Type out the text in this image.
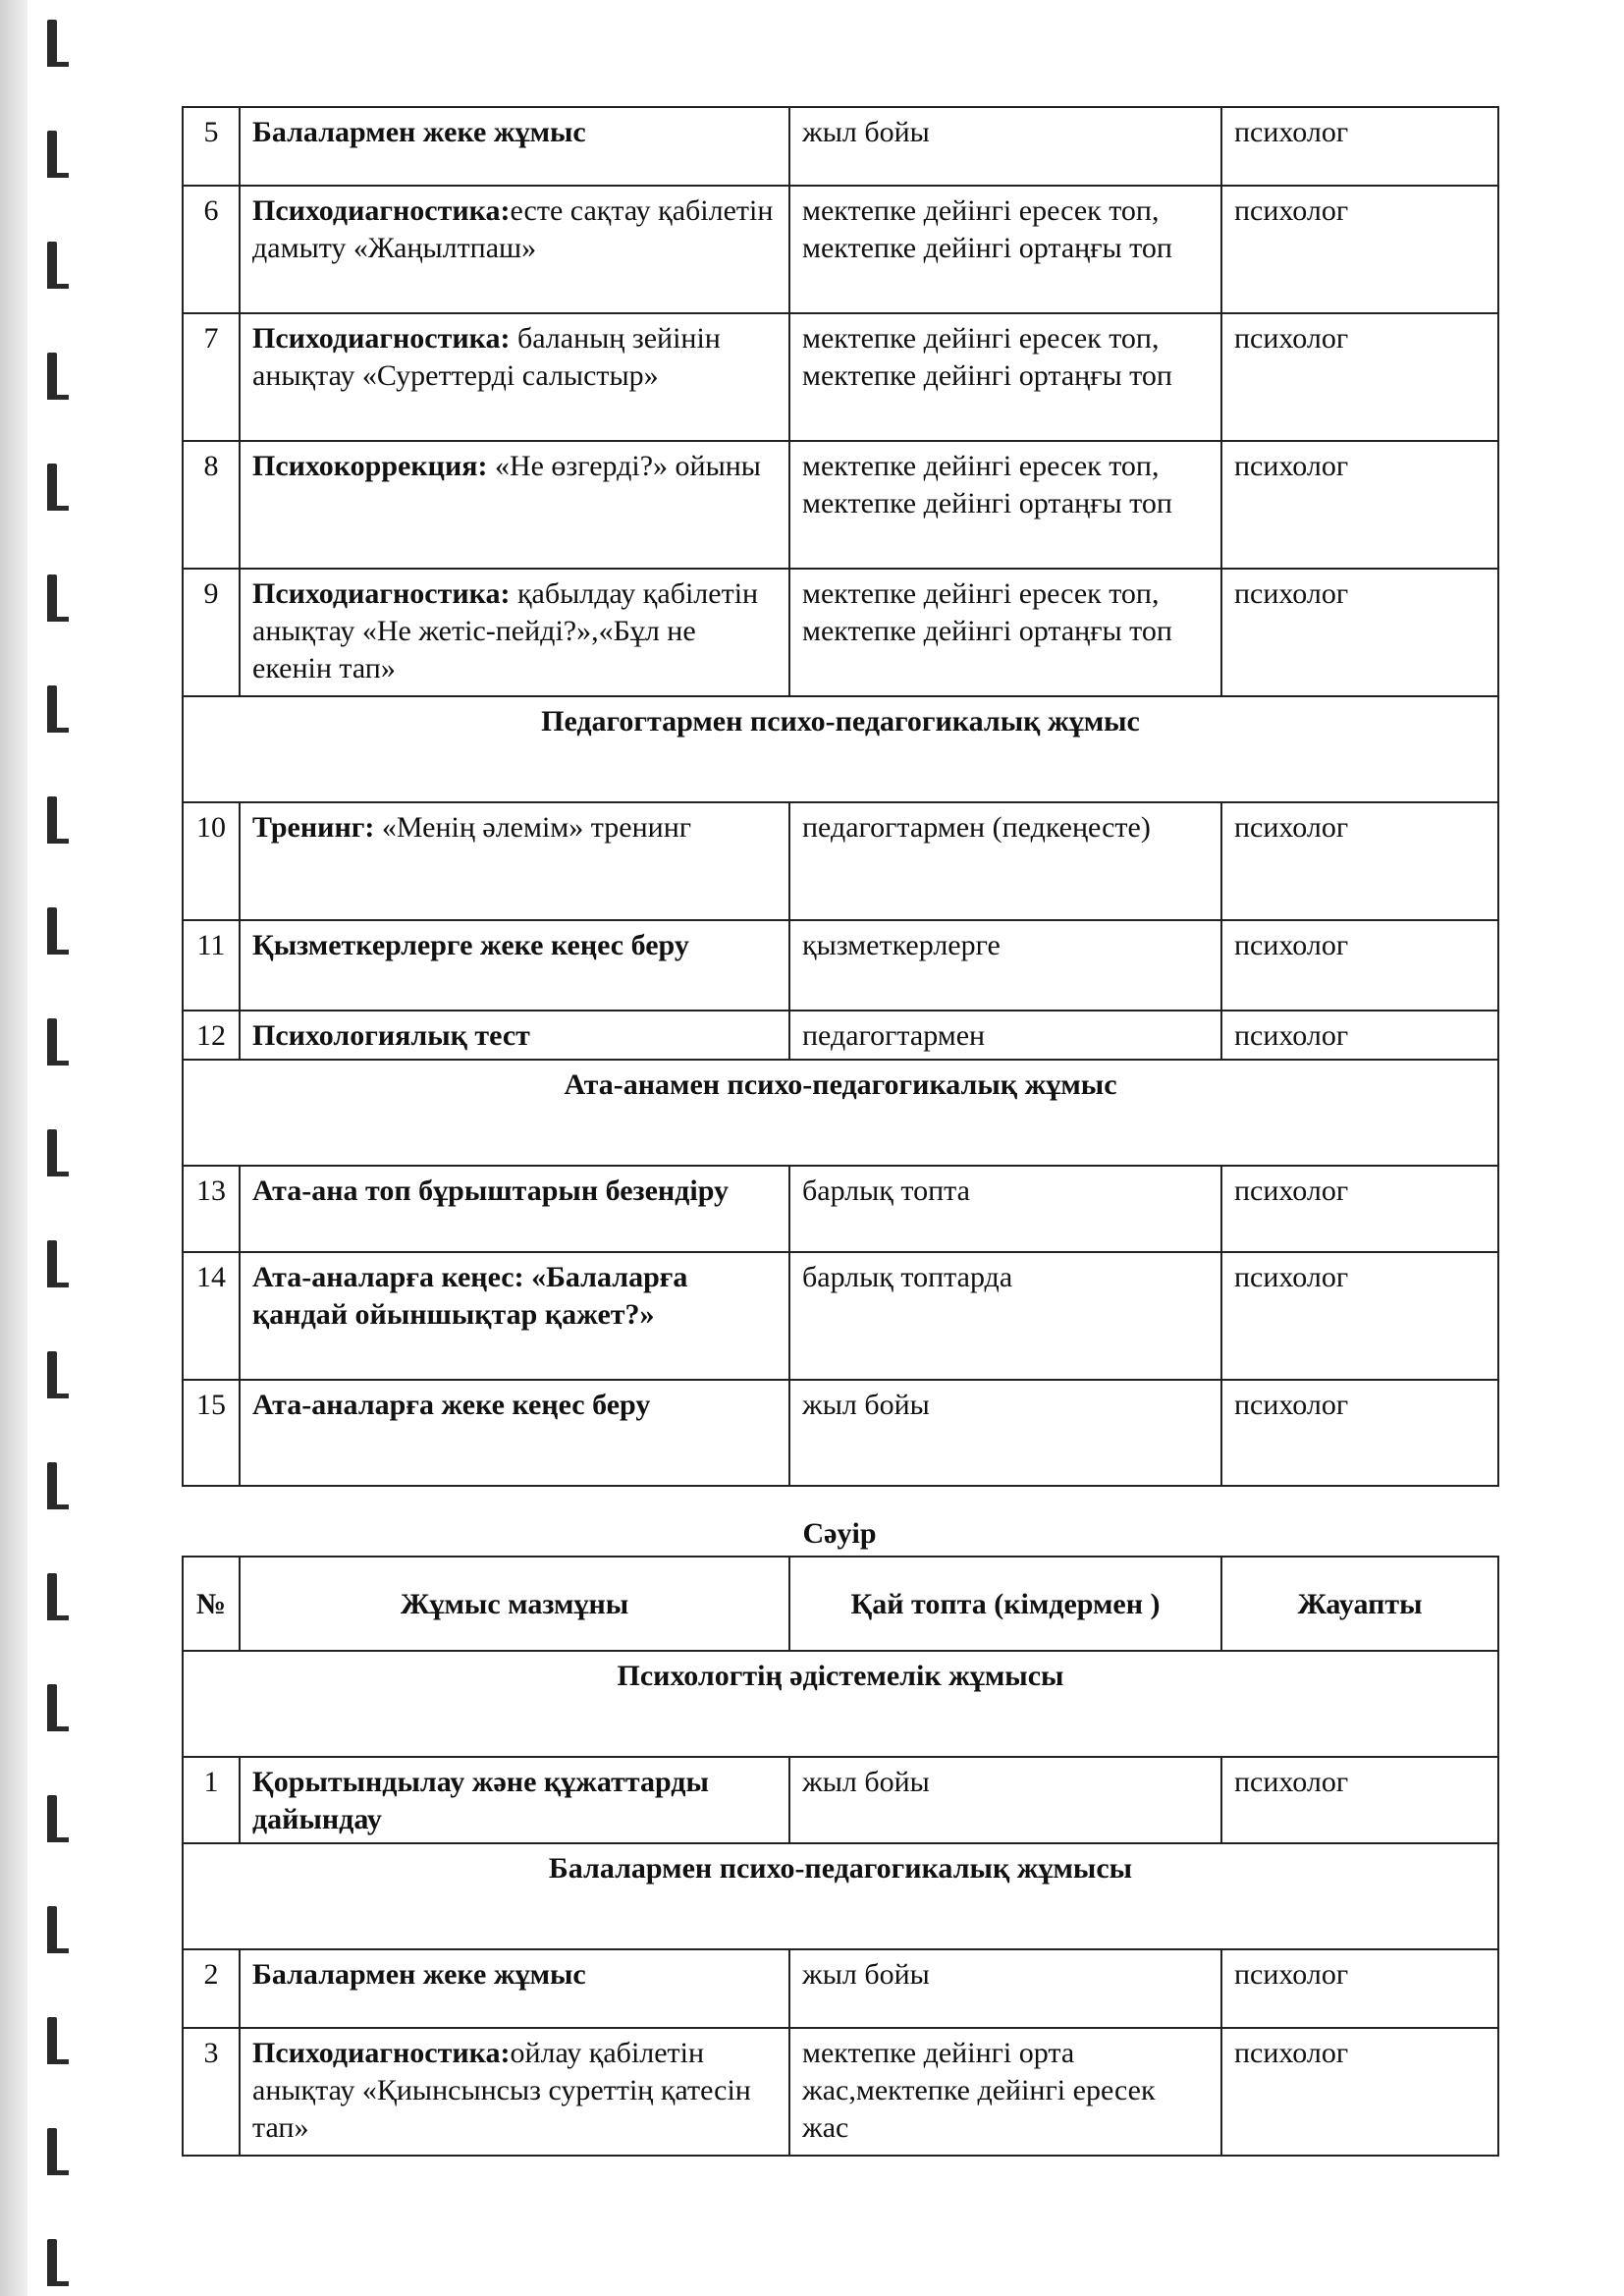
5	Балалармен жеке жұмыс	жыл бойы	психолог
6	Психодиагностика:есте сақтау қабілетін дамыту «Жаңылтпаш»	мектепке дейінгі ересек топ, мектепке дейінгі ортаңғы топ	психолог
7	Психодиагностика: баланың зейінін анықтау «Суреттерді салыстыр»	мектепке дейінгі ересек топ, мектепке дейінгі ортаңғы топ	психолог
8	Психокоррекция: «Не өзгерді?» ойыны	мектепке дейінгі ересек топ, мектепке дейінгі ортаңғы топ	психолог
9	Психодиагностика: қабылдау қабілетін анықтау «Не жетіс-пейді?»,«Бұл не екенін тап»	мектепке дейінгі ересек топ, мектепке дейінгі ортаңғы топ	психолог
Педагогтармен психо-педагогикалық жұмыс			
10	Тренинг: «Менің әлемім» тренинг	педагогтармен (педкеңесте)	психолог
11	Қызметкерлерге жеке кеңес беру	қызметкерлерге	психолог
12	Психологиялық тест	педагогтармен	психолог
Ата-анамен психо-педагогикалық жұмыс			
13	Ата-ана топ бұрыштарын безендіру	барлық топта	психолог
14	Ата-аналарға кеңес: «Балаларға қандай ойыншықтар қажет?»	барлық топтарда	психолог
15	Ата-аналарға жеке кеңес беру	жыл бойы	психолог
Сәуір
№	Жұмыс мазмұны	Қай топта (кімдермен )	Жауапты
Психологтің әдістемелік жұмысы			
1	Қорытындылау және құжаттарды дайындау	жыл бойы	психолог
Балалармен психо-педагогикалық жұмысы			
2	Балалармен жеке жұмыс	жыл бойы	психолог
3	Психодиагностика:ойлау қабілетін анықтау «Қиынсынсыз суреттің қатесін тап»	мектепке дейінгі орта жас,мектепке дейінгі ересек жас	психолог
